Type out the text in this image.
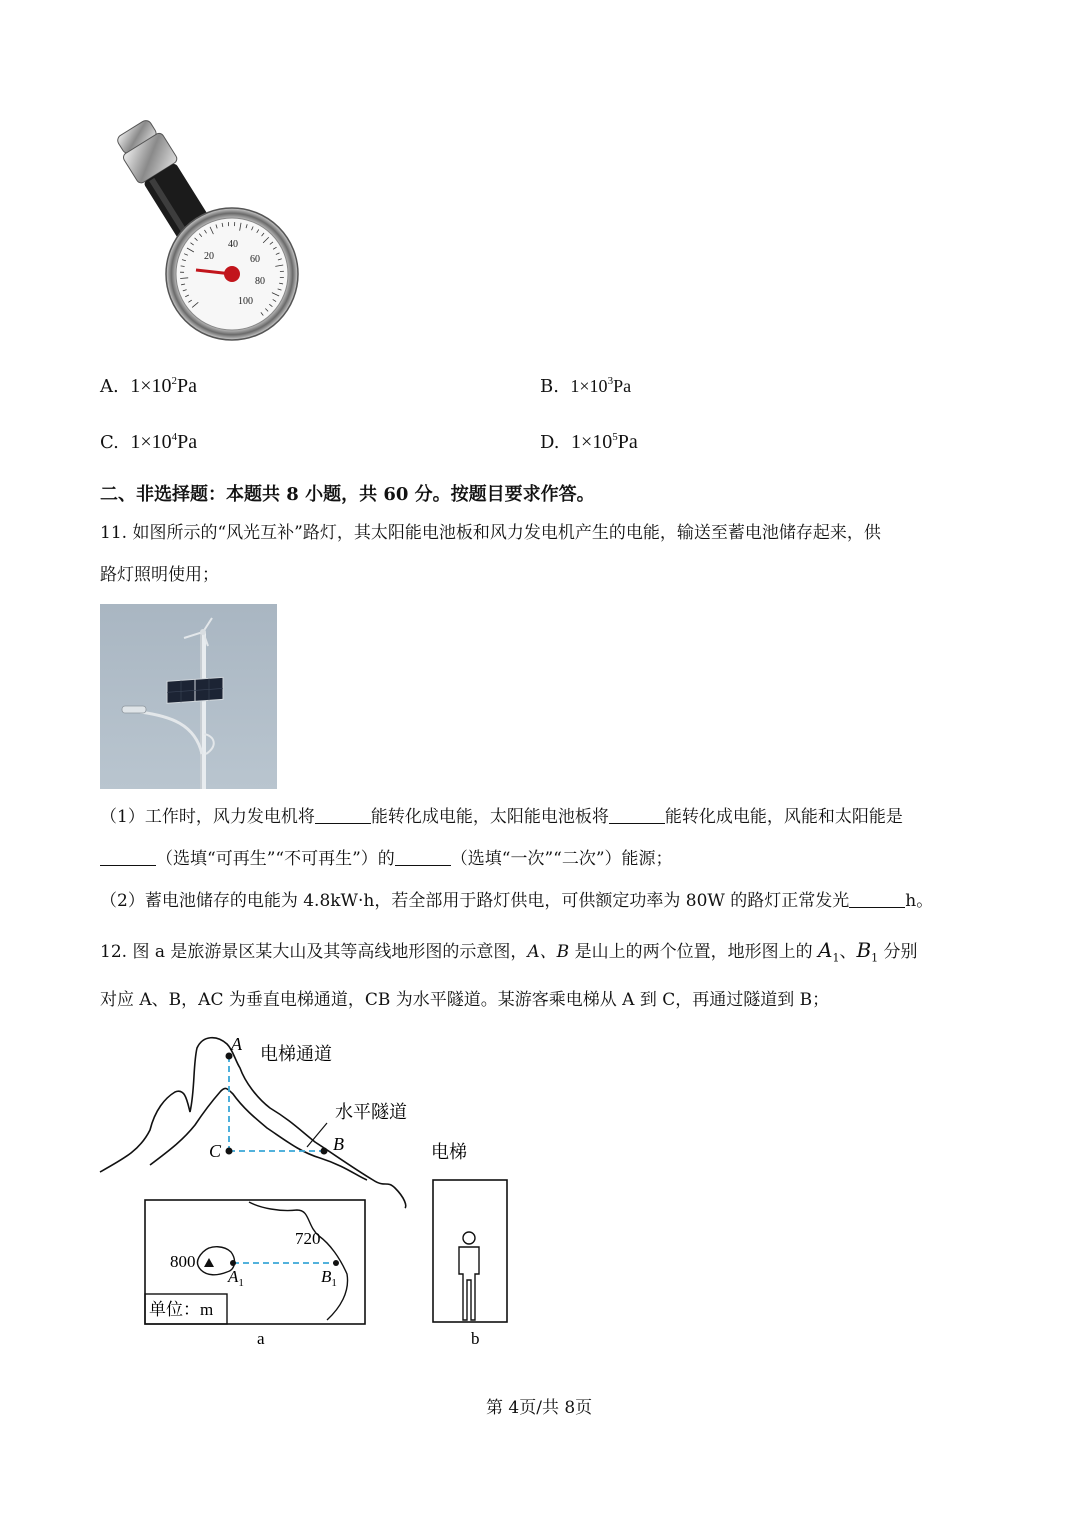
20
40
60
80
100
A. $1\times 10^2Pa$	B. $1\times 10^3Pa$
C. $1\times 10^4Pa$	D. $1\times 10^5Pa$
二、非选择题：本题共 8 小题，共 60 分。按题目要求作答。
11. 如图所示的“风光互补”路灯，其太阳能电池板和风力发电机产生的电能，输送至蓄电池储存起来，供
路灯照明使用；
（1）工作时，风力发电机将	能转化成电能，太阳能电池板将	能转化成电能，风能和太阳能是
（选填“可再生”“不可再生”）的	（选填“一次”“二次”）能源；
（2）蓄电池储存的电能为 4.8kW·h，若全部用于路灯供电，可供额定功率为 80W 的路灯正常发光	h。
12. 图 a 是旅游景区某大山及其等高线地形图的示意图，A、B 是山上的两个位置，地形图上的 $A_1$、$B_1$ 分别
对应 A、B，AC 为垂直电梯通道，CB 为水平隧道。某游客乘电梯从 A 到 C，再通过隧道到 B；
A
C	B
电梯通道
水平隧道
720
800
$A_1$	$B_1$
单位：m
a
电梯
b
第 4页/共 8页
